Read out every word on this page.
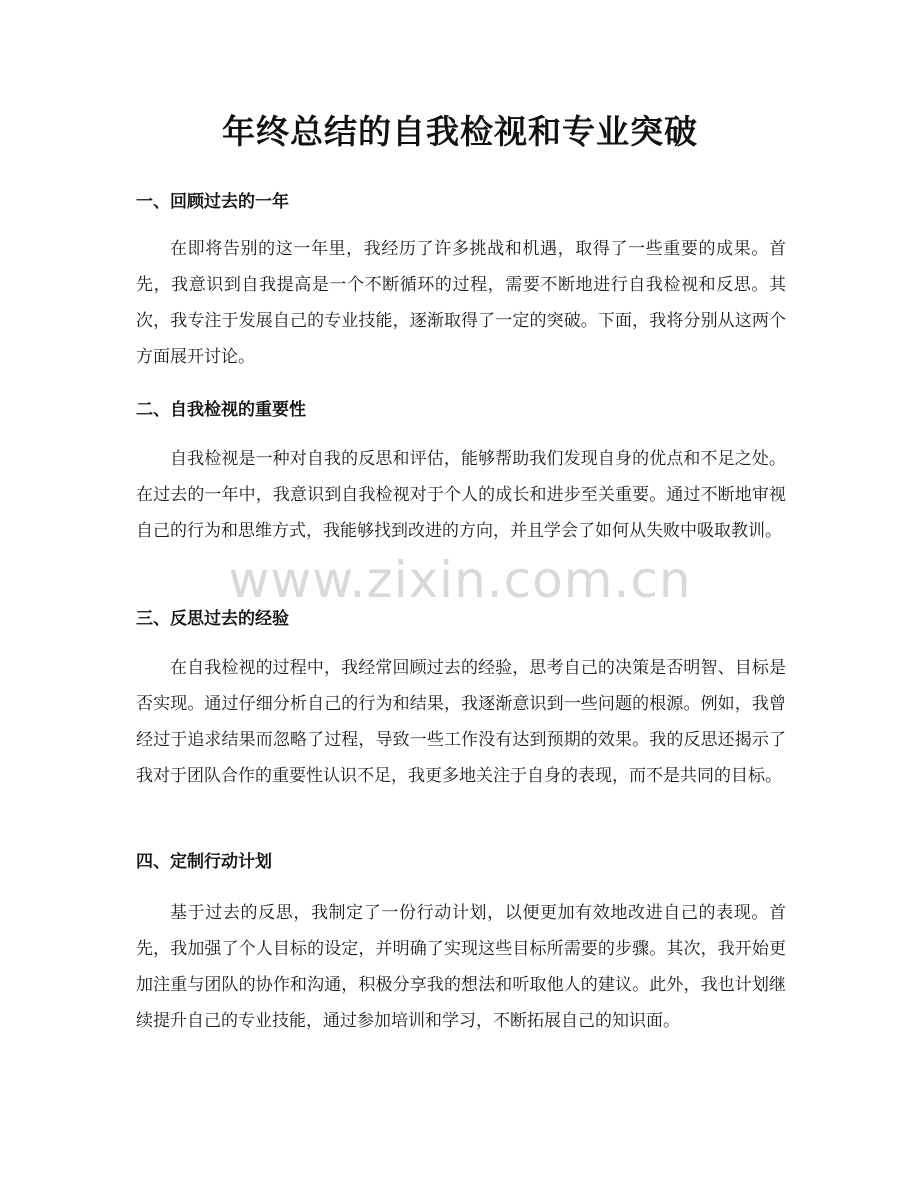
年终总结的自我检视和专业突破
一、回顾过去的一年

在即将告别的这一年里，我经历了许多挑战和机遇，取得了一些重要的成果。首先，我意识到自我提高是一个不断循环的过程，需要不断地进行自我检视和反思。其次，我专注于发展自己的专业技能，逐渐取得了一定的突破。下面，我将分别从这两个方面展开讨论。

二、自我检视的重要性

自我检视是一种对自我的反思和评估，能够帮助我们发现自身的优点和不足之处。在过去的一年中，我意识到自我检视对于个人的成长和进步至关重要。通过不断地审视自己的行为和思维方式，我能够找到改进的方向，并且学会了如何从失败中吸取教训。

三、反思过去的经验

在自我检视的过程中，我经常回顾过去的经验，思考自己的决策是否明智、目标是否实现。通过仔细分析自己的行为和结果，我逐渐意识到一些问题的根源。例如，我曾经过于追求结果而忽略了过程，导致一些工作没有达到预期的效果。我的反思还揭示了我对于团队合作的重要性认识不足，我更多地关注于自身的表现，而不是共同的目标。

四、定制行动计划

基于过去的反思，我制定了一份行动计划，以便更加有效地改进自己的表现。首先，我加强了个人目标的设定，并明确了实现这些目标所需要的步骤。其次，我开始更加注重与团队的协作和沟通，积极分享我的想法和听取他人的建议。此外，我也计划继续提升自己的专业技能，通过参加培训和学习，不断拓展自己的知识面。

www.zixin.com.cn
